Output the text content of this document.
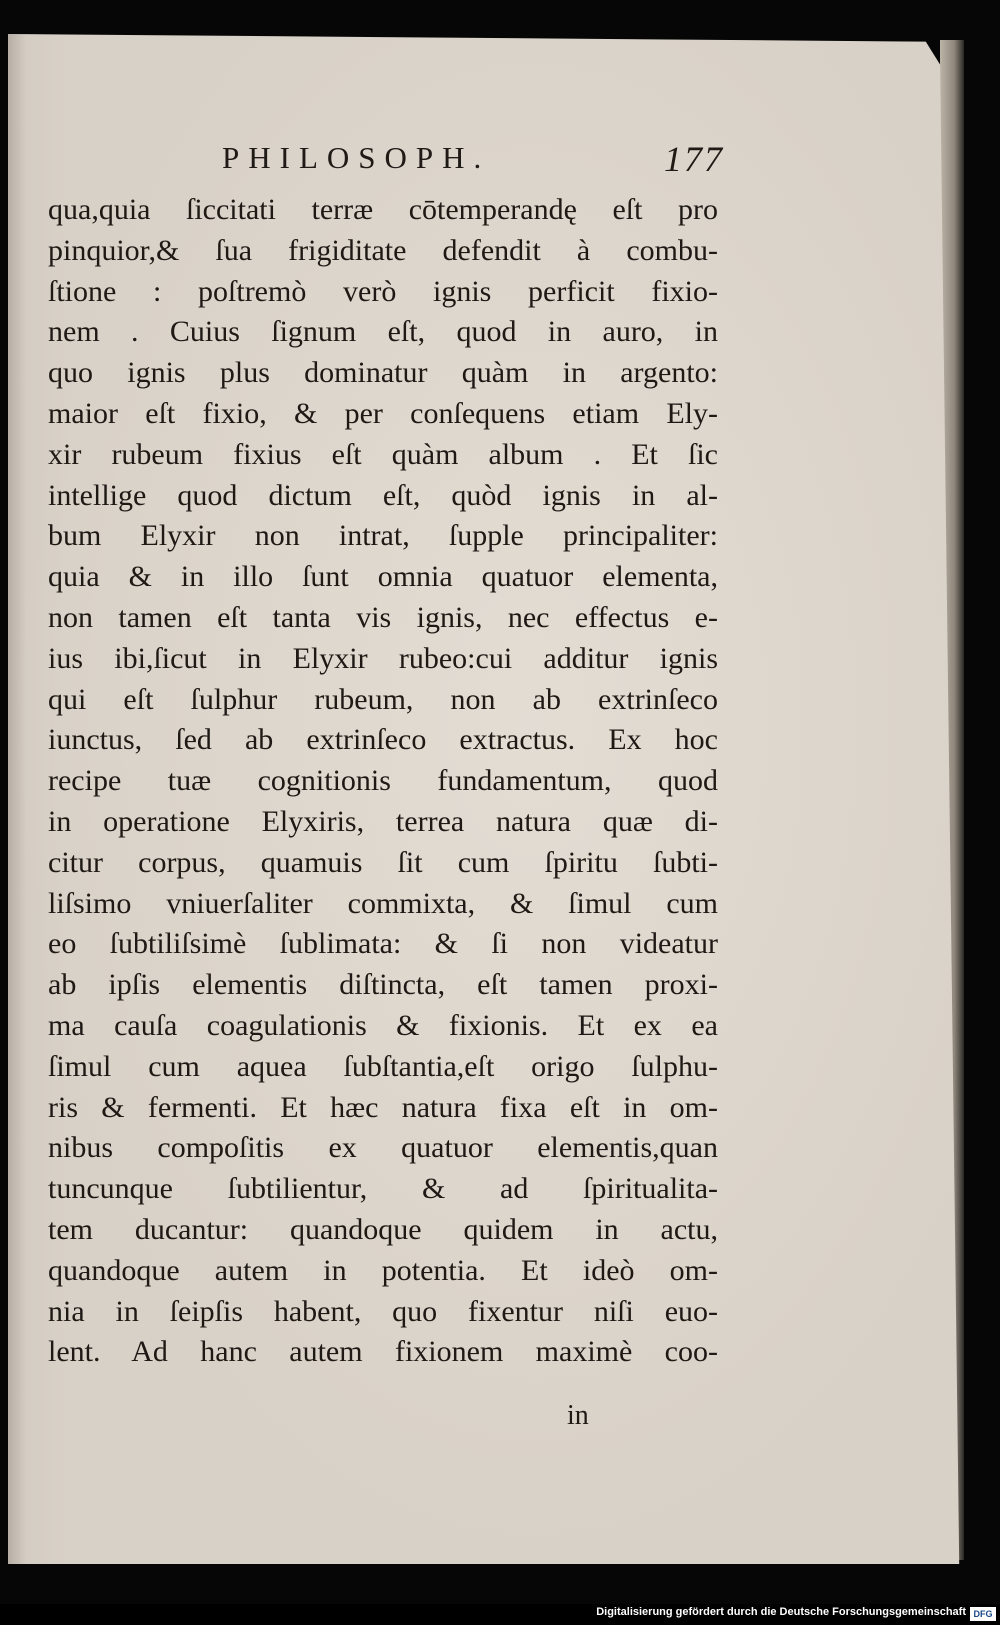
PHILOSOPH.	177
qua,quia ſiccitati terræ cōtemperandę eſt pro
pinquior,& ſua frigiditate defendit à combu-
ſtione : poſtremò verò ignis perficit fixio-
nem . Cuius ſignum eſt, quod in auro, in
quo ignis plus dominatur quàm in argento:
maior eſt fixio, & per conſequens etiam Ely-
xir rubeum fixius eſt quàm album . Et ſic
intellige quod dictum eſt, quòd ignis in al-
bum Elyxir non intrat, ſupple principaliter:
quia & in illo ſunt omnia quatuor elementa,
non tamen eſt tanta vis ignis, nec effectus e-
ius ibi,ſicut in Elyxir rubeo:cui additur ignis
qui eſt ſulphur rubeum, non ab extrinſeco
iunctus, ſed ab extrinſeco extractus. Ex hoc
recipe tuæ cognitionis fundamentum, quod
in operatione Elyxiris, terrea natura quæ di-
citur corpus, quamuis ſit cum ſpiritu ſubti-
liſsimo vniuerſaliter commixta, & ſimul cum
eo ſubtiliſsimè ſublimata: & ſi non videatur
ab ipſis elementis diſtincta, eſt tamen proxi-
ma cauſa coagulationis & fixionis. Et ex ea
ſimul cum aquea ſubſtantia,eſt origo ſulphu-
ris & fermenti. Et hæc natura fixa eſt in om-
nibus compoſitis ex quatuor elementis,quan
tuncunque ſubtilientur, & ad ſpiritualita-
tem ducantur: quandoque quidem in actu,
quandoque autem in potentia. Et ideò om-
nia in ſeipſis habent, quo fixentur niſi euo-
lent. Ad hanc autem fixionem maximè coo-
in
Digitalisierung gefördert durch die Deutsche Forschungsgemeinschaft DFG
